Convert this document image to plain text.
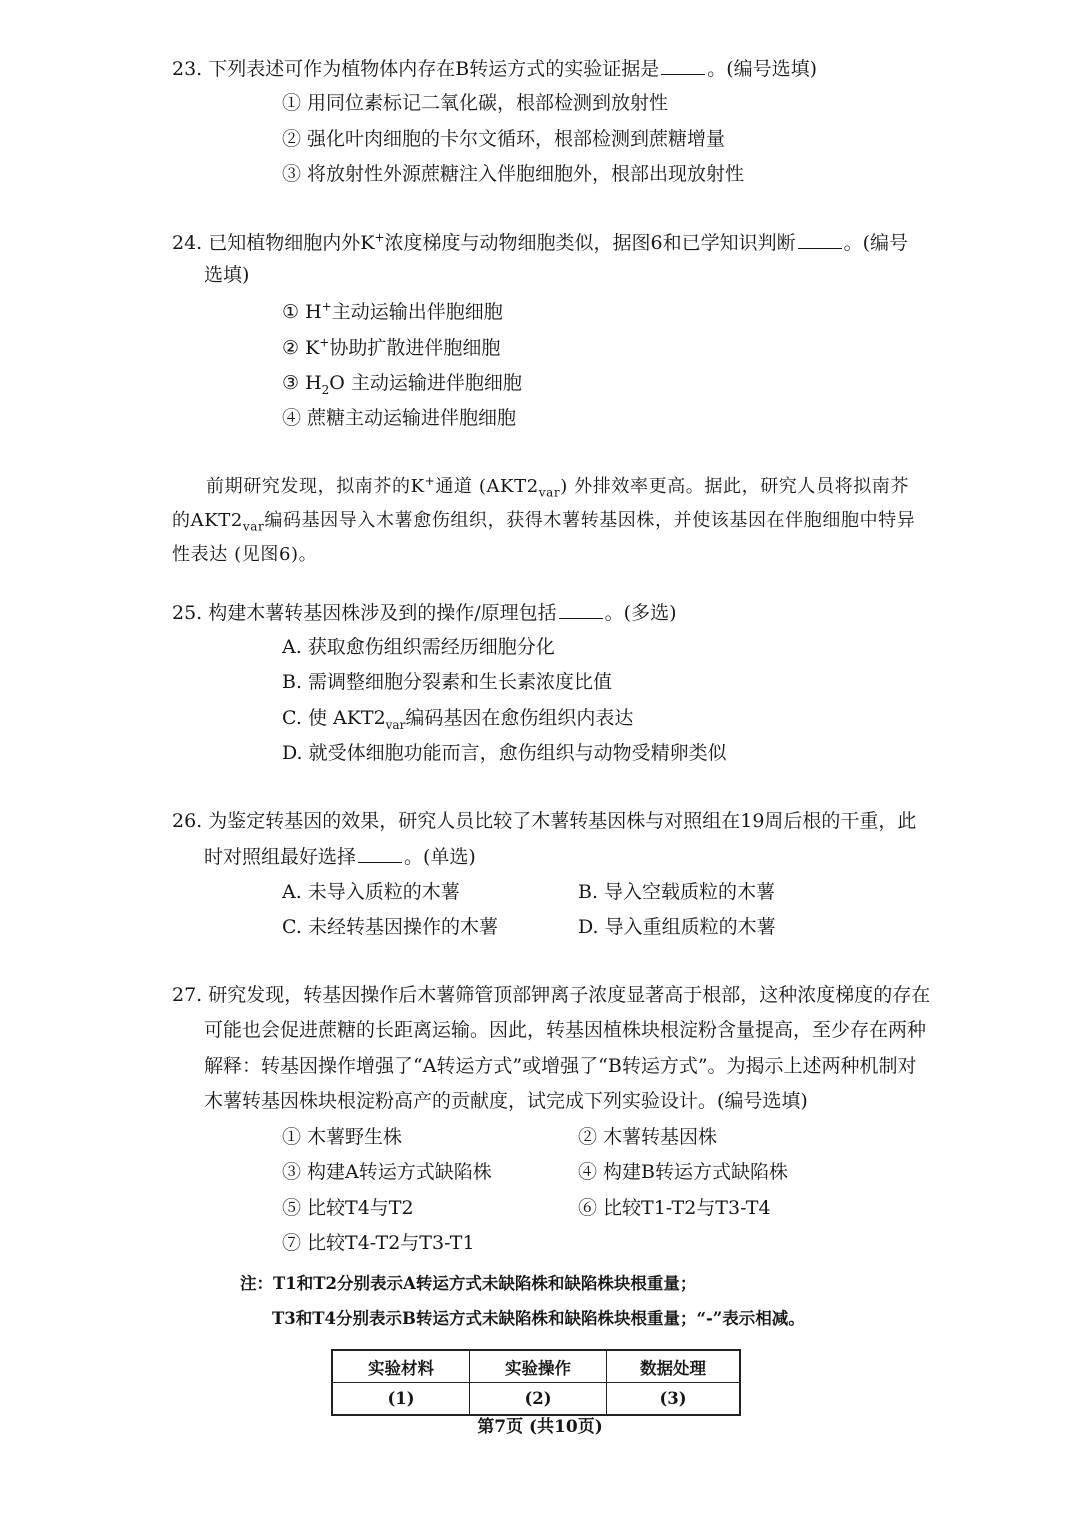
23. 下列表述可作为植物体内存在B转运方式的实验证据是	。(编号选填)
① 用同位素标记二氧化碳，根部检测到放射性
② 强化叶肉细胞的卡尔文循环，根部检测到蔗糖增量
③ 将放射性外源蔗糖注入伴胞细胞外，根部出现放射性
24. 已知植物细胞内外K+浓度梯度与动物细胞类似，据图6和已学知识判断	。(编号
选填)
① H+主动运输出伴胞细胞
② K+协助扩散进伴胞细胞
③ $H_2O$ 主动运输进伴胞细胞
④ 蔗糖主动运输进伴胞细胞
前期研究发现，拟南芥的K+通道 $(AKT2_{var})$ 外排效率更高。据此，研究人员将拟南芥
的$AKT2_{var}$编码基因导入木薯愈伤组织，获得木薯转基因株，并使该基因在伴胞细胞中特异
性表达 (见图6)。
25. 构建木薯转基因株涉及到的操作/原理包括	。(多选)
A. 获取愈伤组织需经历细胞分化
B. 需调整细胞分裂素和生长素浓度比值
C. 使 $AKT2_{var}$编码基因在愈伤组织内表达
D. 就受体细胞功能而言，愈伤组织与动物受精卵类似
26. 为鉴定转基因的效果，研究人员比较了木薯转基因株与对照组在19周后根的干重，此
时对照组最好选择	。(单选)
A. 未导入质粒的木薯	B. 导入空载质粒的木薯
C. 未经转基因操作的木薯	D. 导入重组质粒的木薯
27. 研究发现，转基因操作后木薯筛管顶部钾离子浓度显著高于根部，这种浓度梯度的存在
可能也会促进蔗糖的长距离运输。因此，转基因植株块根淀粉含量提高，至少存在两种
解释：转基因操作增强了“A转运方式”或增强了“B转运方式”。为揭示上述两种机制对
木薯转基因株块根淀粉高产的贡献度，试完成下列实验设计。(编号选填)
① 木薯野生株	② 木薯转基因株
③ 构建A转运方式缺陷株	④ 构建B转运方式缺陷株
⑤ 比较T4与T2	⑥ 比较T1-T2与T3-T4
⑦ 比较T4-T2与T3-T1
注：T1和T2分别表示A转运方式未缺陷株和缺陷株块根重量；
T3和T4分别表示B转运方式未缺陷株和缺陷株块根重量；“-”表示相减。
实验材料	实验操作	数据处理
(1)	(2)	(3)
第7页 (共10页)
